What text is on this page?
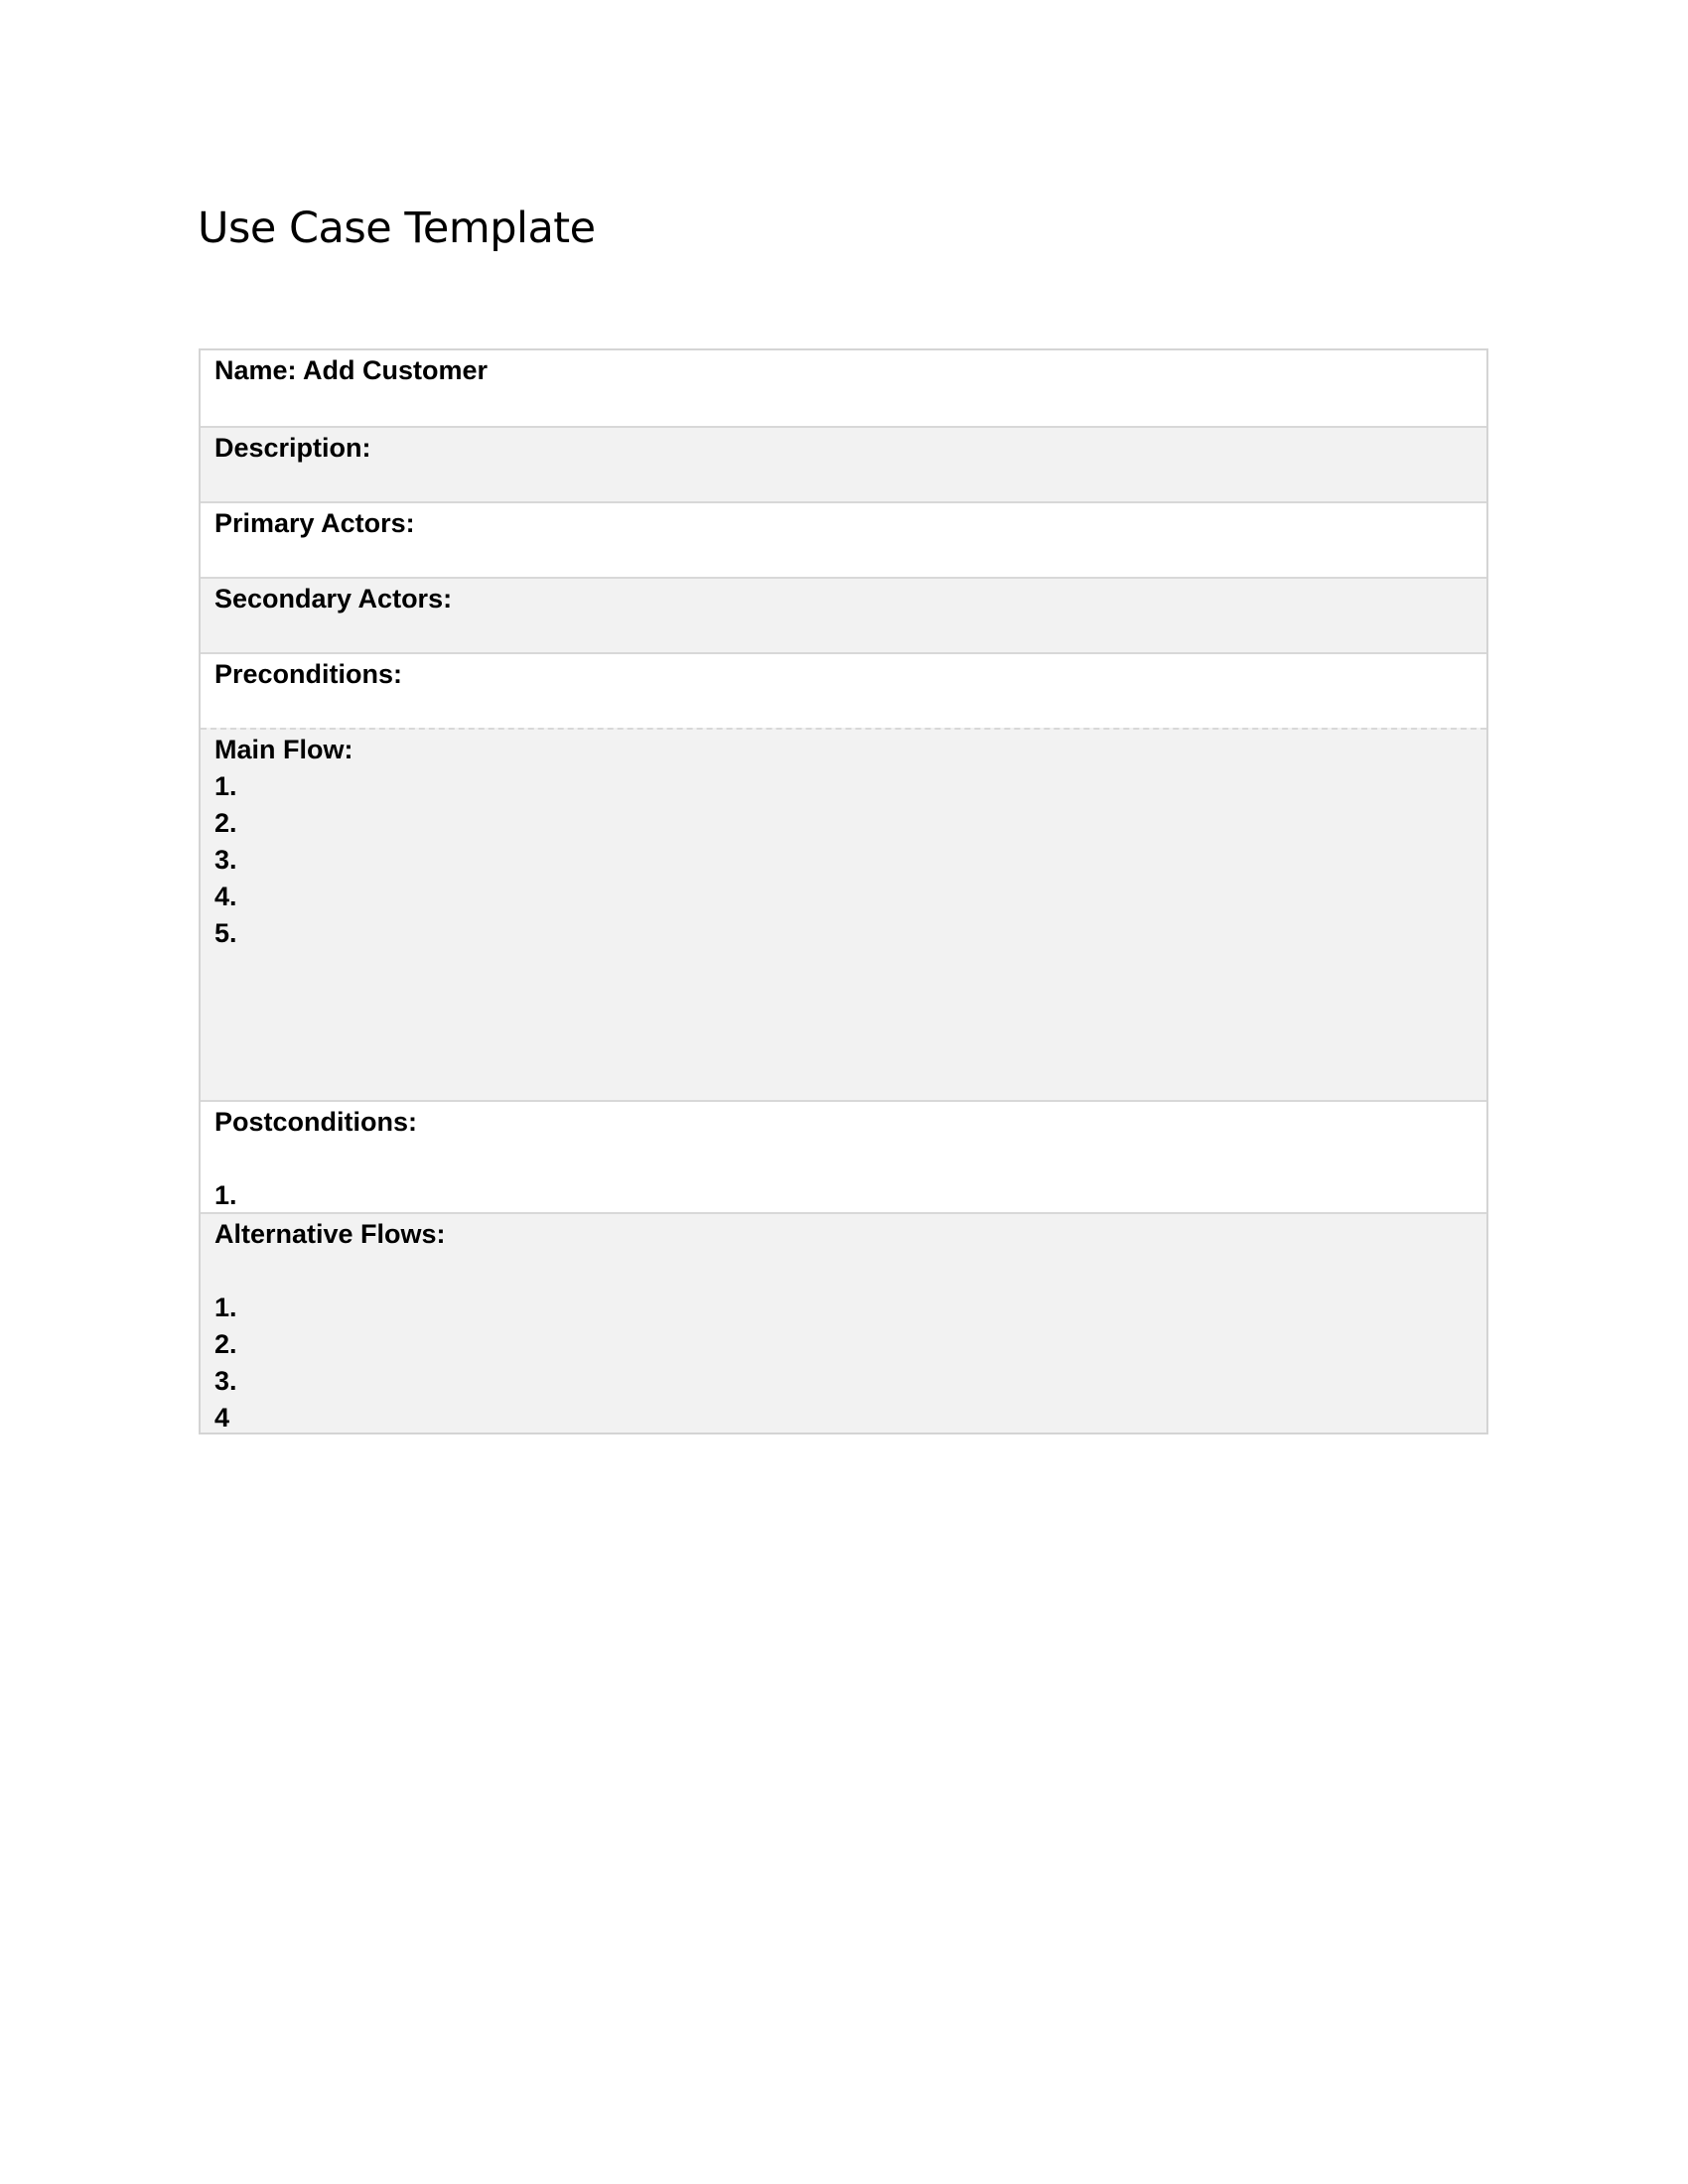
Use Case Template
Name: Add Customer
Description:
Primary Actors:
Secondary Actors:
Preconditions:
Main Flow:
1.
2.
3.
4.
5.
Postconditions:
1.
Alternative Flows:
1.
2.
3.
4
